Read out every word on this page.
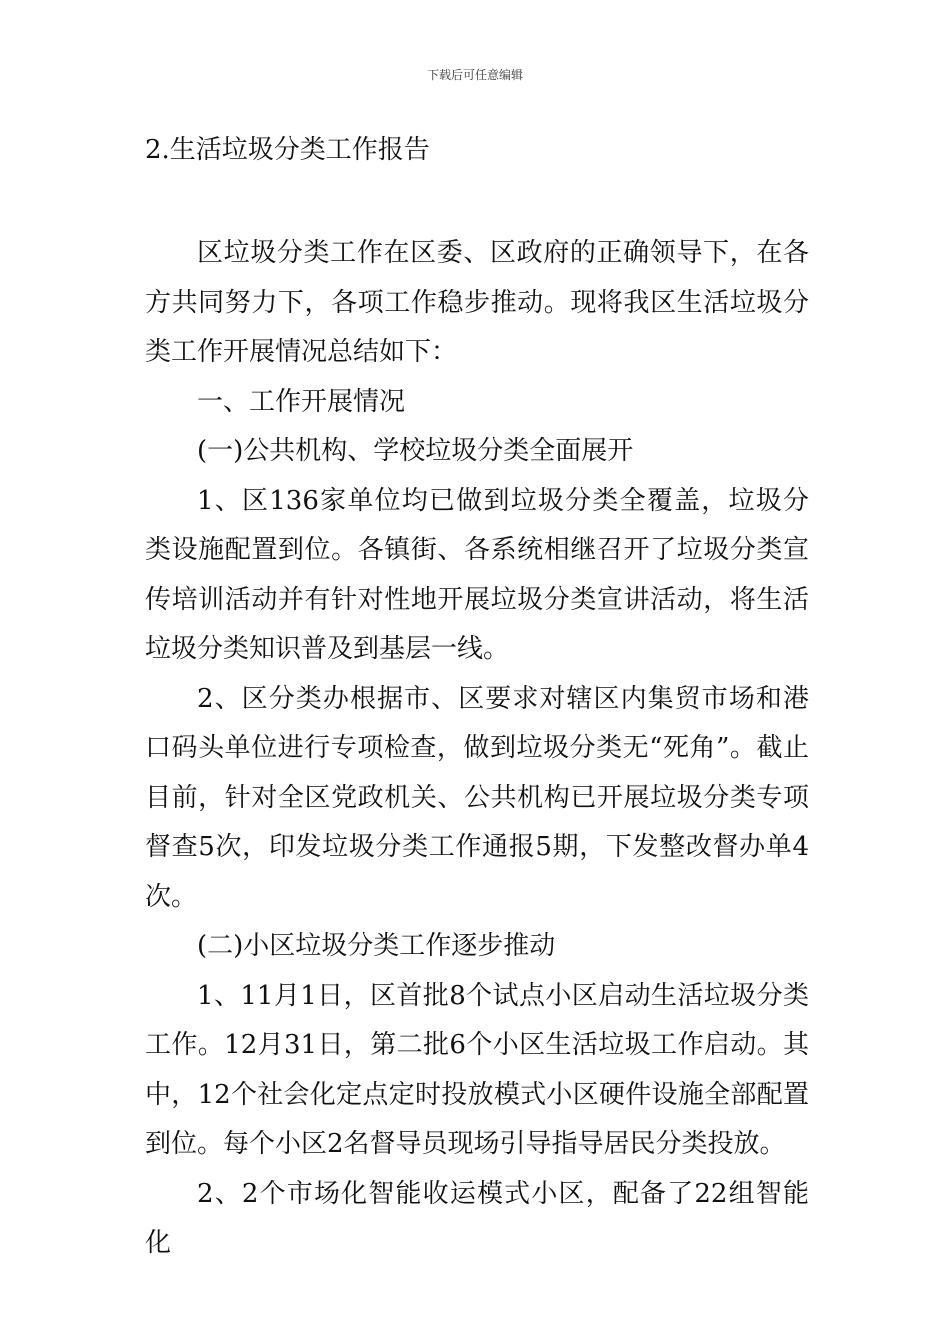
下载后可任意编辑
2.生活垃圾分类工作报告

区垃圾分类工作在区委、区政府的正确领导下，在各方共同努力下，各项工作稳步推动。现将我区生活垃圾分类工作开展情况总结如下：

一、工作开展情况

(一)公共机构、学校垃圾分类全面展开

1、区136家单位均已做到垃圾分类全覆盖，垃圾分类设施配置到位。各镇街、各系统相继召开了垃圾分类宣传培训活动并有针对性地开展垃圾分类宣讲活动，将生活垃圾分类知识普及到基层一线。

2、区分类办根据市、区要求对辖区内集贸市场和港口码头单位进行专项检查，做到垃圾分类无“死角”。截止目前，针对全区党政机关、公共机构已开展垃圾分类专项督查5次，印发垃圾分类工作通报5期，下发整改督办单4次。

(二)小区垃圾分类工作逐步推动

1、11月1日，区首批8个试点小区启动生活垃圾分类工作。12月31日，第二批6个小区生活垃圾工作启动。其中，12个社会化定点定时投放模式小区硬件设施全部配置到位。每个小区2名督导员现场引导指导居民分类投放。

2、2个市场化智能收运模式小区，配备了22组智能化
